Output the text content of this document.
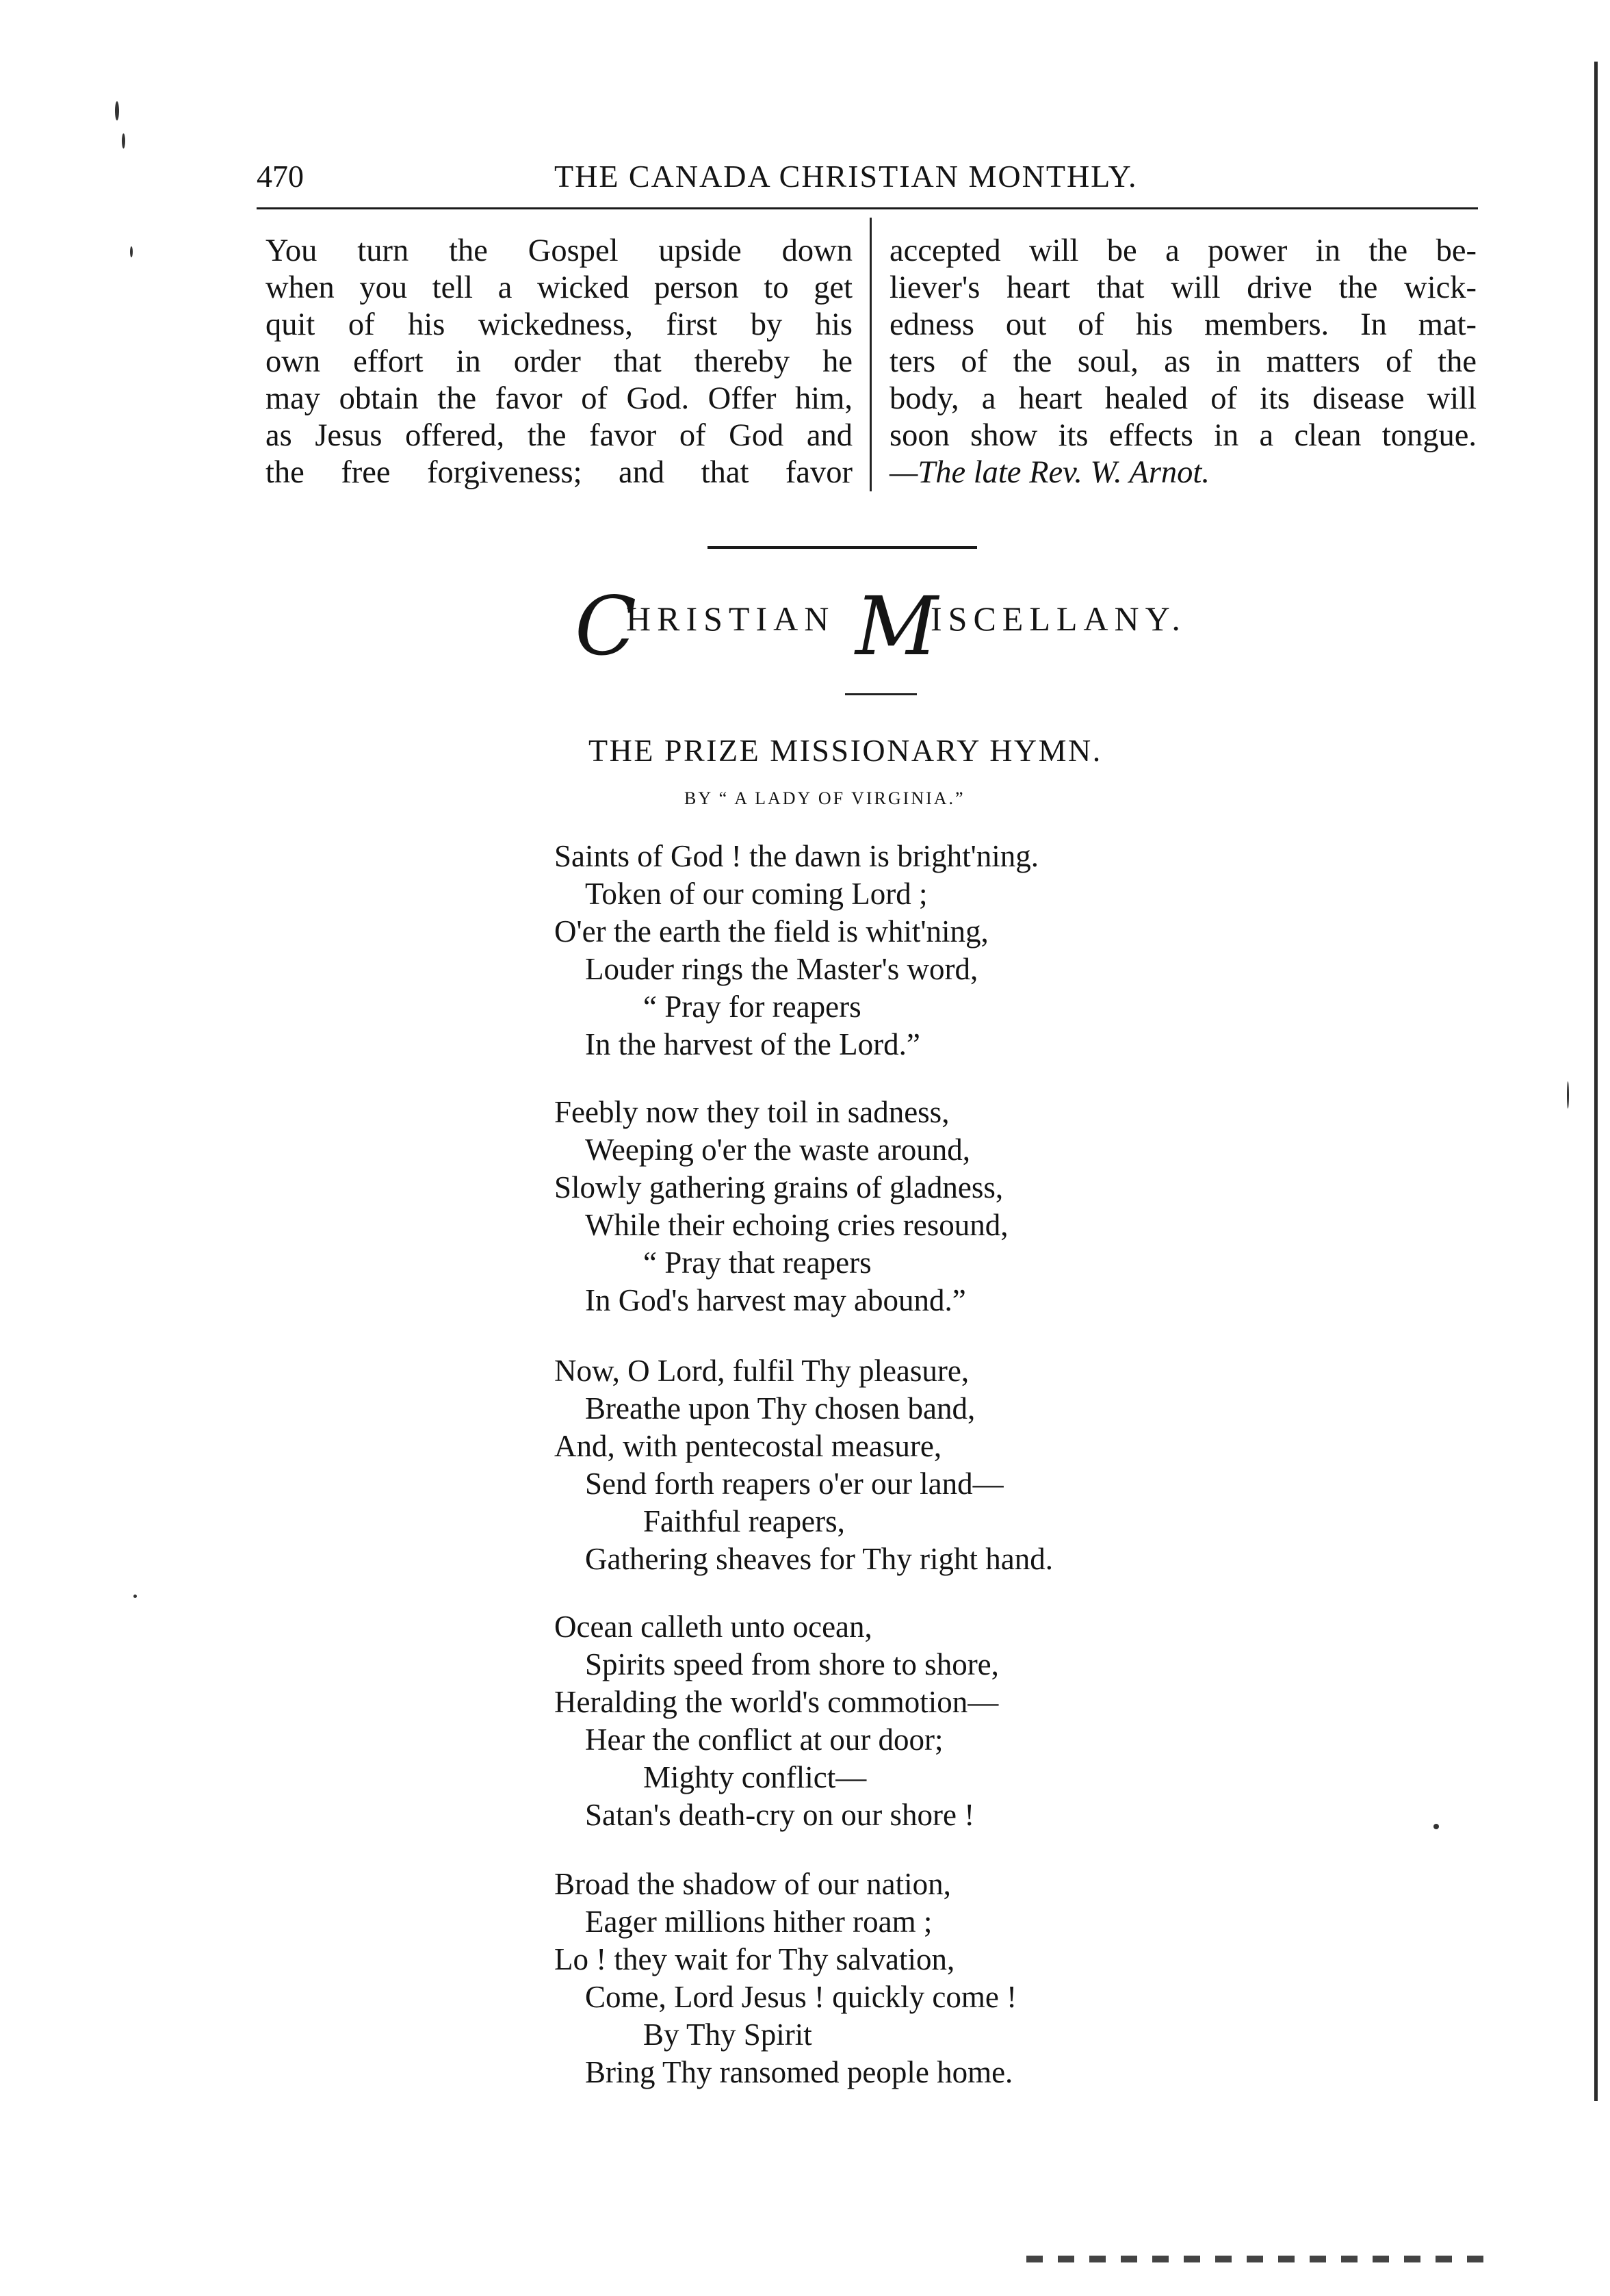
470	THE CANADA CHRISTIAN MONTHLY.
You turn the Gospel upside down
when you tell a wicked person to get
quit of his wickedness, first by his
own effort in order that thereby he
may obtain the favor of God. Offer him,
as Jesus offered, the favor of God and
the free forgiveness; and that favor
accepted will be a power in the be-
liever's heart that will drive the wick-
edness out of his members. In mat-
ters of the soul, as in matters of the
body, a heart healed of its disease will
soon show its effects in a clean tongue.
—The late Rev. W. Arnot.
C
HRISTIAN M
ISCELLANY.
THE PRIZE MISSIONARY HYMN.
BY “ A LADY OF VIRGINIA.”
Saints of God ! the dawn is bright'ning.
Token of our coming Lord ;
O'er the earth the field is whit'ning,
Louder rings the Master's word,
“ Pray for reapers
In the harvest of the Lord.”
Feebly now they toil in sadness,
Weeping o'er the waste around,
Slowly gathering grains of gladness,
While their echoing cries resound,
“ Pray that reapers
In God's harvest may abound.”
Now, O Lord, fulfil Thy pleasure,
Breathe upon Thy chosen band,
And, with pentecostal measure,
Send forth reapers o'er our land—
Faithful reapers,
Gathering sheaves for Thy right hand.
Ocean calleth unto ocean,
Spirits speed from shore to shore,
Heralding the world's commotion—
Hear the conflict at our door;
Mighty conflict—
Satan's death-cry on our shore !
Broad the shadow of our nation,
Eager millions hither roam ;
Lo ! they wait for Thy salvation,
Come, Lord Jesus ! quickly come !
By Thy Spirit
Bring Thy ransomed people home.
